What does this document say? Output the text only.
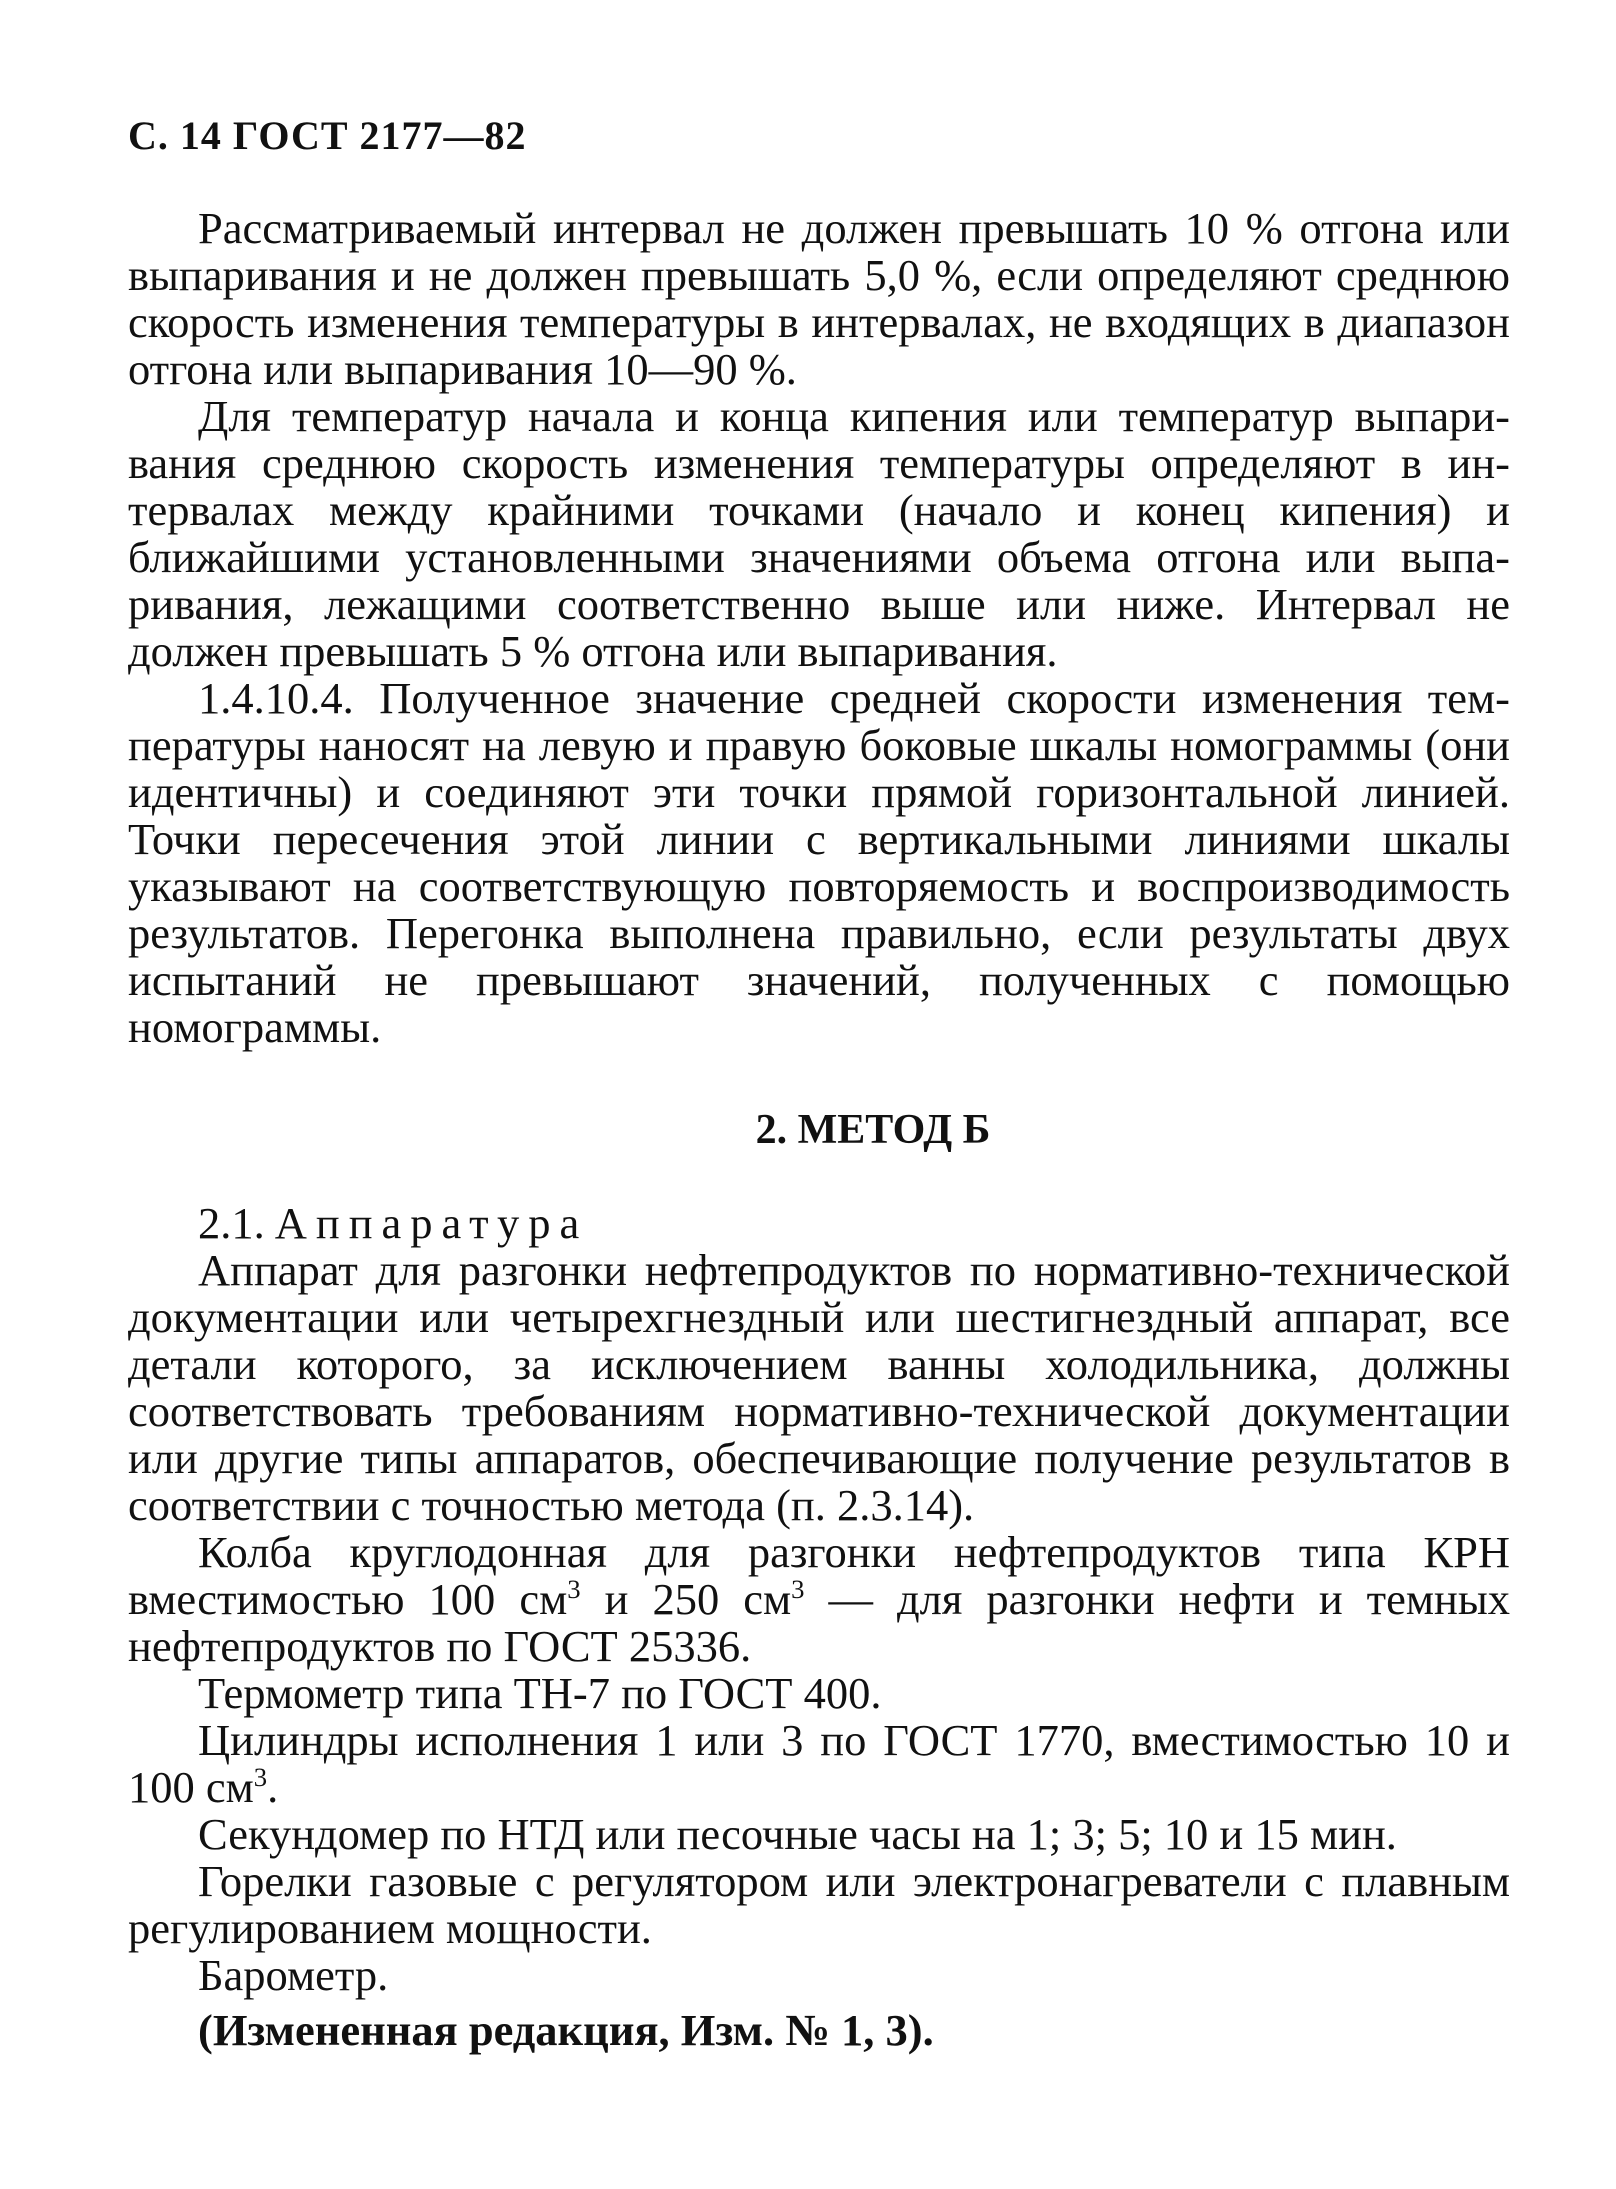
С. 14 ГОСТ 2177—82

Рассматриваемый интервал не должен превышать 10 % отгона или выпаривания и не должен превышать 5,0 %, если определяют среднюю скорость изменения температуры в интервалах, не входящих в диапазон отгона или выпаривания 10—90 %.

Для температур начала и конца кипения или температур выпаривания среднюю скорость изменения температуры определяют в интервалах между крайними точками (начало и конец кипения) и ближайшими установленными значениями объема отгона или выпаривания, лежащими соответственно выше или ниже. Интервал не должен превышать 5 % отгона или выпаривания.

1.4.10.4. Полученное значение средней скорости изменения температуры наносят на левую и правую боковые шкалы номограммы (они идентичны) и соединяют эти точки прямой горизонтальной линией. Точки пересечения этой линии с вертикальными линиями шкалы указывают на соответствующую повторяемость и воспроизводимость результатов. Перегонка выполнена правильно, если результаты двух испытаний не превышают значений, полученных с помощью номограммы.

2. МЕТОД Б

2.1. Аппаратура

Аппарат для разгонки нефтепродуктов по нормативно-технической документации или четырехгнездный или шестигнездный аппарат, все детали которого, за исключением ванны холодильника, должны соответствовать требованиям нормативно-технической документации или другие типы аппаратов, обеспечивающие получение результатов в соответствии с точностью метода (п. 2.3.14).

Колба круглодонная для разгонки нефтепродуктов типа КРН вместимостью 100 $см^3$ и 250 $см^3$ — для разгонки нефти и темных нефтепродуктов по ГОСТ 25336.

Термометр типа ТН-7 по ГОСТ 400.

Цилиндры исполнения 1 или 3 по ГОСТ 1770, вместимостью 10 и 100 $см^3$.

Секундомер по НТД или песочные часы на 1; 3; 5; 10 и 15 мин.

Горелки газовые с регулятором или электронагреватели с плавным регулированием мощности.

Барометр.

(Измененная редакция, Изм. № 1, 3).
